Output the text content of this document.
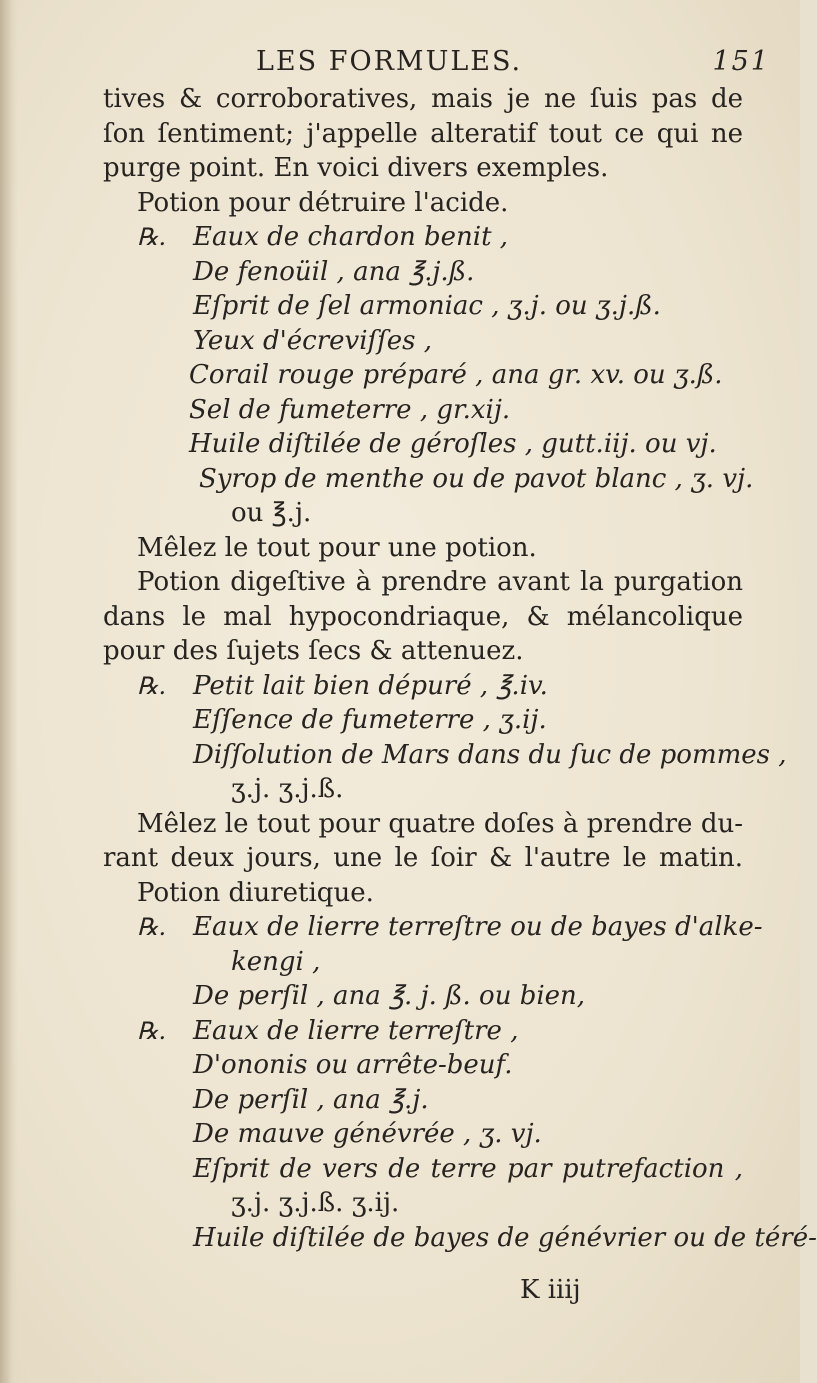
LES FORMULES.	151
tives & corroboratives, mais je ne ſuis pas de
ſon ſentiment; j'appelle alteratif tout ce qui ne
purge point. En voici divers exemples.
Potion pour détruire l'acide.
℞. Eaux de chardon benit ,
De fenoüil , ana ℥.j.ß.
Eſprit de ſel armoniac , ʒ.j. ou ʒ.j.ß.
Yeux d'écreviſſes ,
Corail rouge préparé , ana gr. xv. ou ʒ.ß.
Sel de fumeterre , gr.xij.
Huile diſtilée de géroſles , gutt.iij. ou vj.
Syrop de menthe ou de pavot blanc , ʒ. vj.
ou ℥.j.
Mêlez le tout pour une potion.
Potion digeſtive à prendre avant la purgation
dans le mal hypocondriaque, & mélancolique
pour des ſujets ſecs & attenuez.
℞. Petit lait bien dépuré , ℥.iv.
Eſſence de fumeterre , ʒ.ij.
Diſſolution de Mars dans du ſuc de pommes ,
ʒ.j. ʒ.j.ß.
Mêlez le tout pour quatre doſes à prendre du-
rant deux jours, une le ſoir & l'autre le matin.
Potion diuretique.
℞. Eaux de lierre terreſtre ou de bayes d'alke-
kengi ,
De perſil , ana ℥. j. ß. ou bien,
℞. Eaux de lierre terreſtre ,
D'ononis ou arrête-beuf.
De perſil , ana ℥.j.
De mauve génévrée , ʒ. vj.
Eſprit de vers de terre par putrefaction ,
ʒ.j. ʒ.j.ß. ʒ.ij.
Huile diſtilée de bayes de génévrier ou de téré-
K iiij
